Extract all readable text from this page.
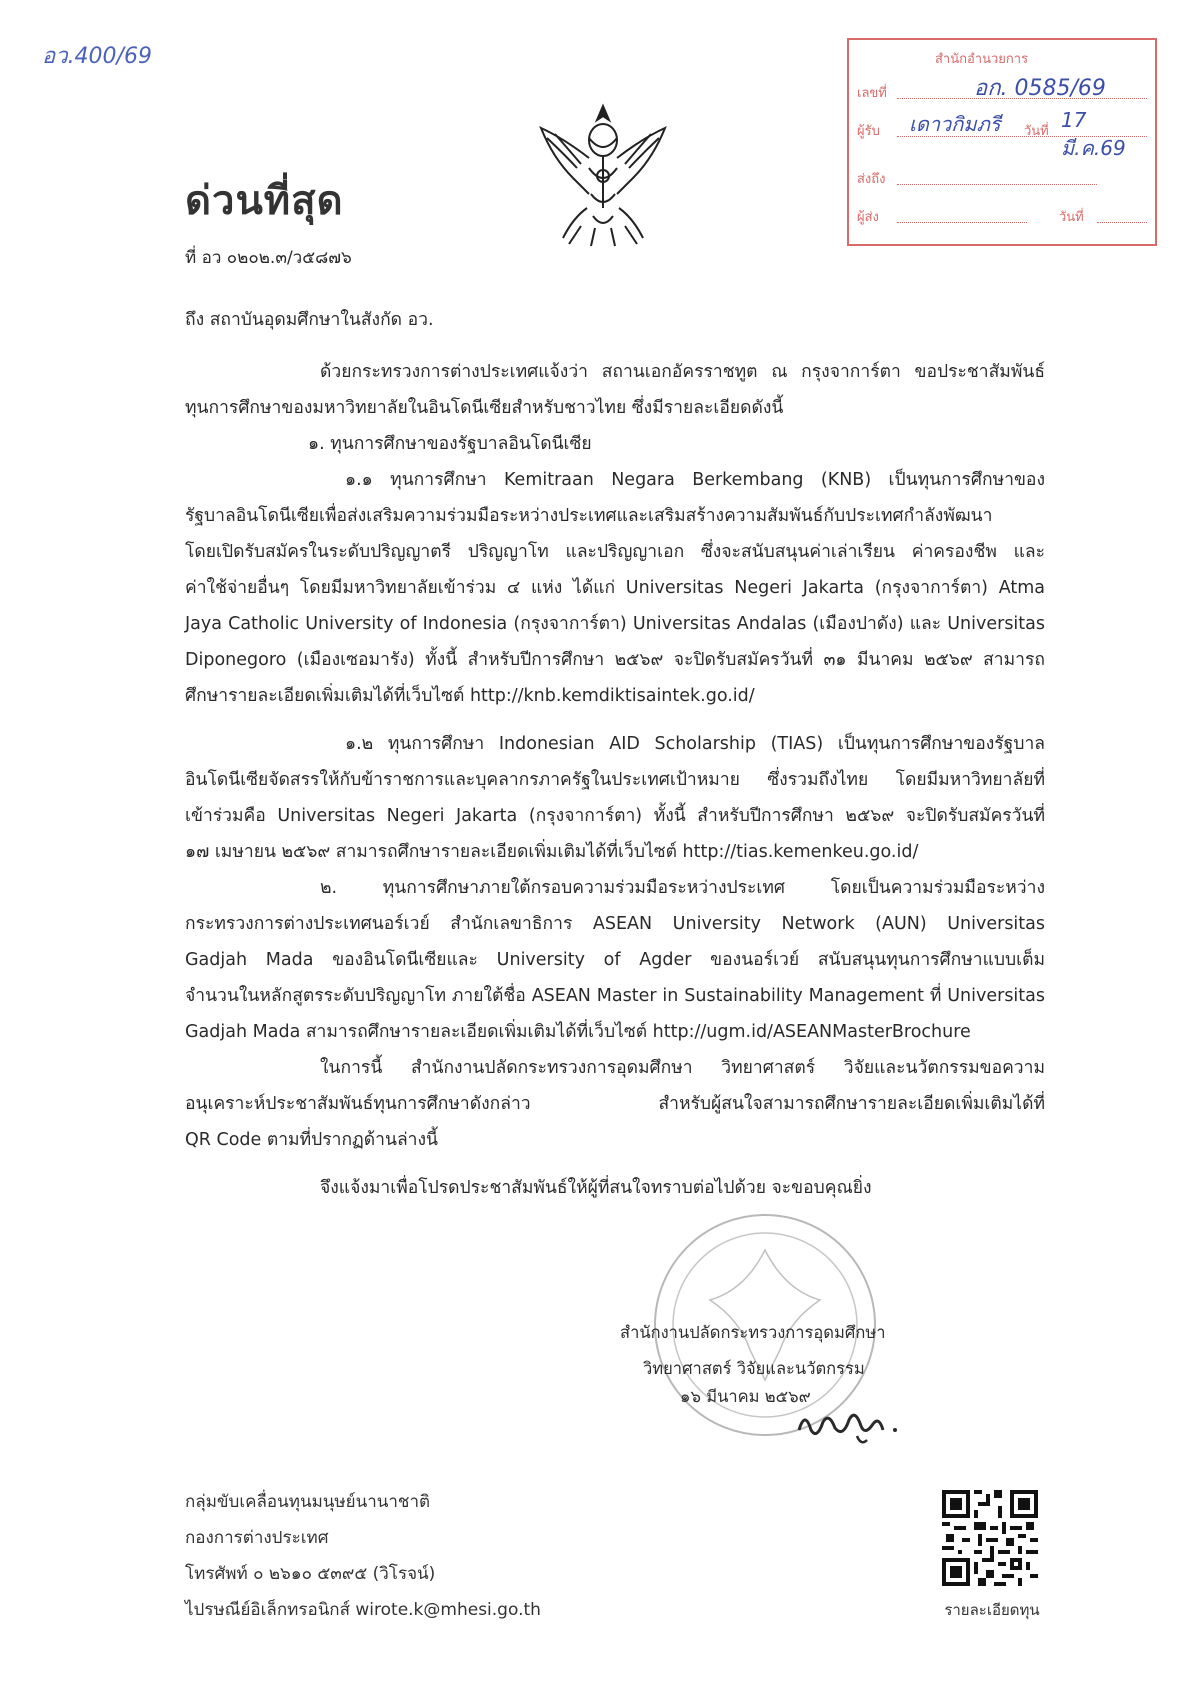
อว.400/69	สำนักอำนวยการ
เลขที่	อก. 0585/69
ผู้รับ เดาวกิมภรี วันที่ 17 มี.ค.69
ส่งถึง
ผู้ส่ง	วันที่
ด่วนที่สุด
ที่ อว ๐๒๐๒.๓/ว๕๘๗๖
ถึง สถาบันอุดมศึกษาในสังกัด อว.
ด้วยกระทรวงการต่างประเทศแจ้งว่า สถานเอกอัครราชทูต ณ กรุงจาการ์ตา ขอประชาสัมพันธ์
ทุนการศึกษาของมหาวิทยาลัยในอินโดนีเซียสำหรับชาวไทย ซึ่งมีรายละเอียดดังนี้
๑. ทุนการศึกษาของรัฐบาลอินโดนีเซีย
๑.๑ ทุนการศึกษา Kemitraan Negara Berkembang (KNB) เป็นทุนการศึกษาของ
รัฐบาลอินโดนีเซียเพื่อส่งเสริมความร่วมมือระหว่างประเทศและเสริมสร้างความสัมพันธ์กับประเทศกำลังพัฒนา
โดยเปิดรับสมัครในระดับปริญญาตรี ปริญญาโท และปริญญาเอก ซึ่งจะสนับสนุนค่าเล่าเรียน ค่าครองชีพ และ
ค่าใช้จ่ายอื่นๆ โดยมีมหาวิทยาลัยเข้าร่วม ๔ แห่ง ได้แก่ Universitas Negeri Jakarta (กรุงจาการ์ตา) Atma
Jaya Catholic University of Indonesia (กรุงจาการ์ตา) Universitas Andalas (เมืองปาดัง) และ Universitas
Diponegoro (เมืองเซอมารัง) ทั้งนี้ สำหรับปีการศึกษา ๒๕๖๙ จะปิดรับสมัครวันที่ ๓๑ มีนาคม ๒๕๖๙ สามารถ
ศึกษารายละเอียดเพิ่มเติมได้ที่เว็บไซต์ http://knb.kemdiktisaintek.go.id/
๑.๒ ทุนการศึกษา Indonesian AID Scholarship (TIAS) เป็นทุนการศึกษาของรัฐบาล
อินโดนีเซียจัดสรรให้กับข้าราชการและบุคลากรภาครัฐในประเทศเป้าหมาย ซึ่งรวมถึงไทย โดยมีมหาวิทยาลัยที่
เข้าร่วมคือ Universitas Negeri Jakarta (กรุงจาการ์ตา) ทั้งนี้ สำหรับปีการศึกษา ๒๕๖๙ จะปิดรับสมัครวันที่
๑๗ เมษายน ๒๕๖๙ สามารถศึกษารายละเอียดเพิ่มเติมได้ที่เว็บไซต์ http://tias.kemenkeu.go.id/
๒. ทุนการศึกษาภายใต้กรอบความร่วมมือระหว่างประเทศ โดยเป็นความร่วมมือระหว่าง
กระทรวงการต่างประเทศนอร์เวย์ สำนักเลขาธิการ ASEAN University Network (AUN) Universitas
Gadjah Mada ของอินโดนีเซียและ University of Agder ของนอร์เวย์ สนับสนุนทุนการศึกษาแบบเต็ม
จำนวนในหลักสูตรระดับปริญญาโท ภายใต้ชื่อ ASEAN Master in Sustainability Management ที่ Universitas
Gadjah Mada สามารถศึกษารายละเอียดเพิ่มเติมได้ที่เว็บไซต์ http://ugm.id/ASEANMasterBrochure
ในการนี้ สำนักงานปลัดกระทรวงการอุดมศึกษา วิทยาศาสตร์ วิจัยและนวัตกรรมขอความ
อนุเคราะห์ประชาสัมพันธ์ทุนการศึกษาดังกล่าว สำหรับผู้สนใจสามารถศึกษารายละเอียดเพิ่มเติมได้ที่
QR Code ตามที่ปรากฏด้านล่างนี้
จึงแจ้งมาเพื่อโปรดประชาสัมพันธ์ให้ผู้ที่สนใจทราบต่อไปด้วย จะขอบคุณยิ่ง
สำนักงานปลัดกระทรวงการอุดมศึกษา
วิทยาศาสตร์ วิจัยและนวัตกรรม
๑๖ มีนาคม ๒๕๖๙
กลุ่มขับเคลื่อนทุนมนุษย์นานาชาติ
กองการต่างประเทศ
โทรศัพท์ ๐ ๒๖๑๐ ๕๓๙๕ (วิโรจน์)
ไปรษณีย์อิเล็กทรอนิกส์ wirote.k@mhesi.go.th	รายละเอียดทุน
